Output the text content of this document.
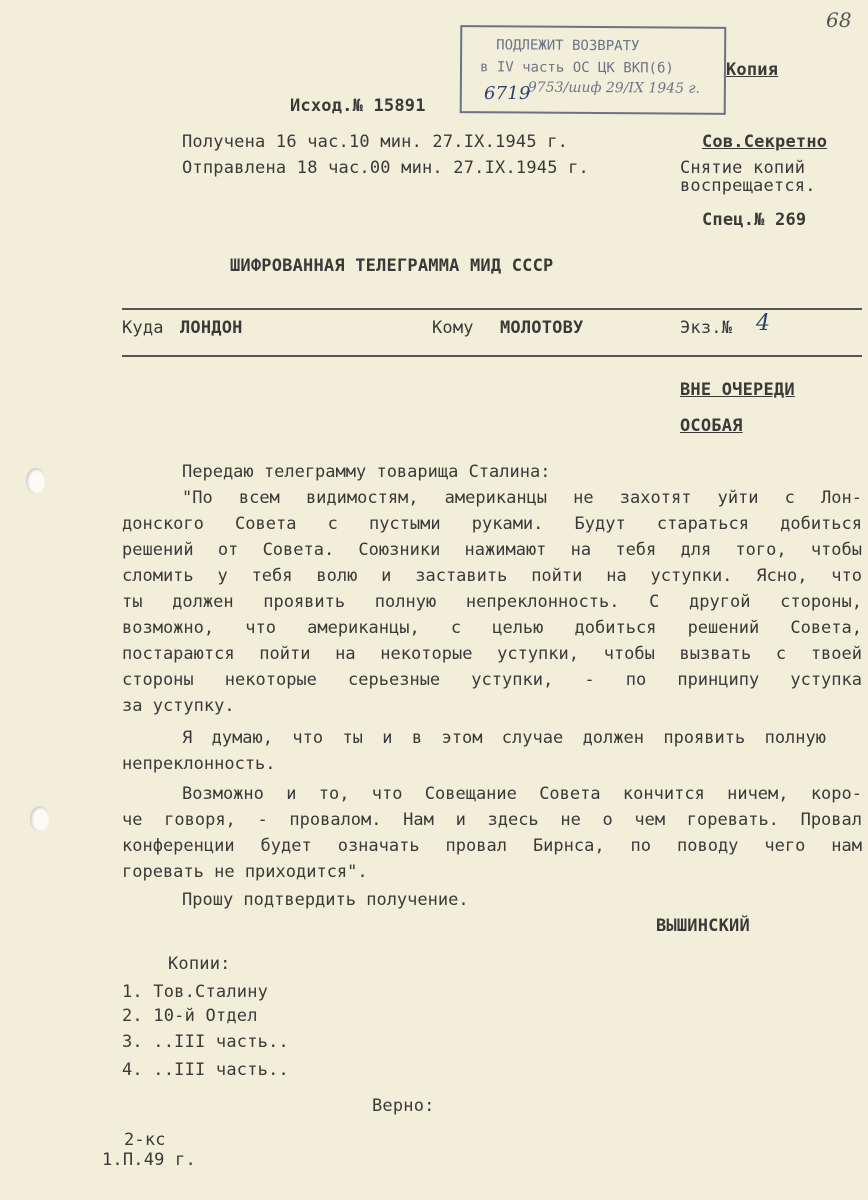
68
ПОДЛЕЖИТ ВОЗВРАТУ
в IV часть ОС ЦК ВКП(б)
9753/шиф 29/IX 1945 г.
6719
Копия
Исход.№ 15891
Получена 16 час.10 мин. 27.IX.1945 г.
Отправлена 18 час.00 мин. 27.IX.1945 г.
Сов.Секретно
Снятие копий
воспрещается.
Спец.№ 269
ШИФРОВАННАЯ ТЕЛЕГРАММА МИД СССР
Куда ЛОНДОН	Кому МОЛОТОВУ	Экз.№ 4
ВНЕ ОЧЕРЕДИ
ОСОБАЯ
Передаю телеграмму товарища Сталина:
"По всем видимостям, американцы не захотят уйти с Лон-
донского Совета с пустыми руками. Будут стараться добиться
решений от Совета. Союзники нажимают на тебя для того, чтобы
сломить у тебя волю и заставить пойти на уступки. Ясно, что
ты должен проявить полную непреклонность. С другой стороны,
возможно, что американцы, с целью добиться решений Совета,
постараются пойти на некоторые уступки, чтобы вызвать с твоей
стороны некоторые серьезные уступки, - по принципу уступка
за уступку.
Я думаю, что ты и в этом случае должен проявить полную
непреклонность.
Возможно и то, что Совещание Совета кончится ничем, коро-
че говоря, - провалом. Нам и здесь не о чем горевать. Провал
конференции будет означать провал Бирнса, по поводу чего нам
горевать не приходится".
Прошу подтвердить получение.
ВЫШИНСКИЙ
Копии:
1. Тов.Сталину
2. 10-й Отдел
3. ..III часть..
4. ..III часть..
Верно:
2-кс
1.П.49 г.
